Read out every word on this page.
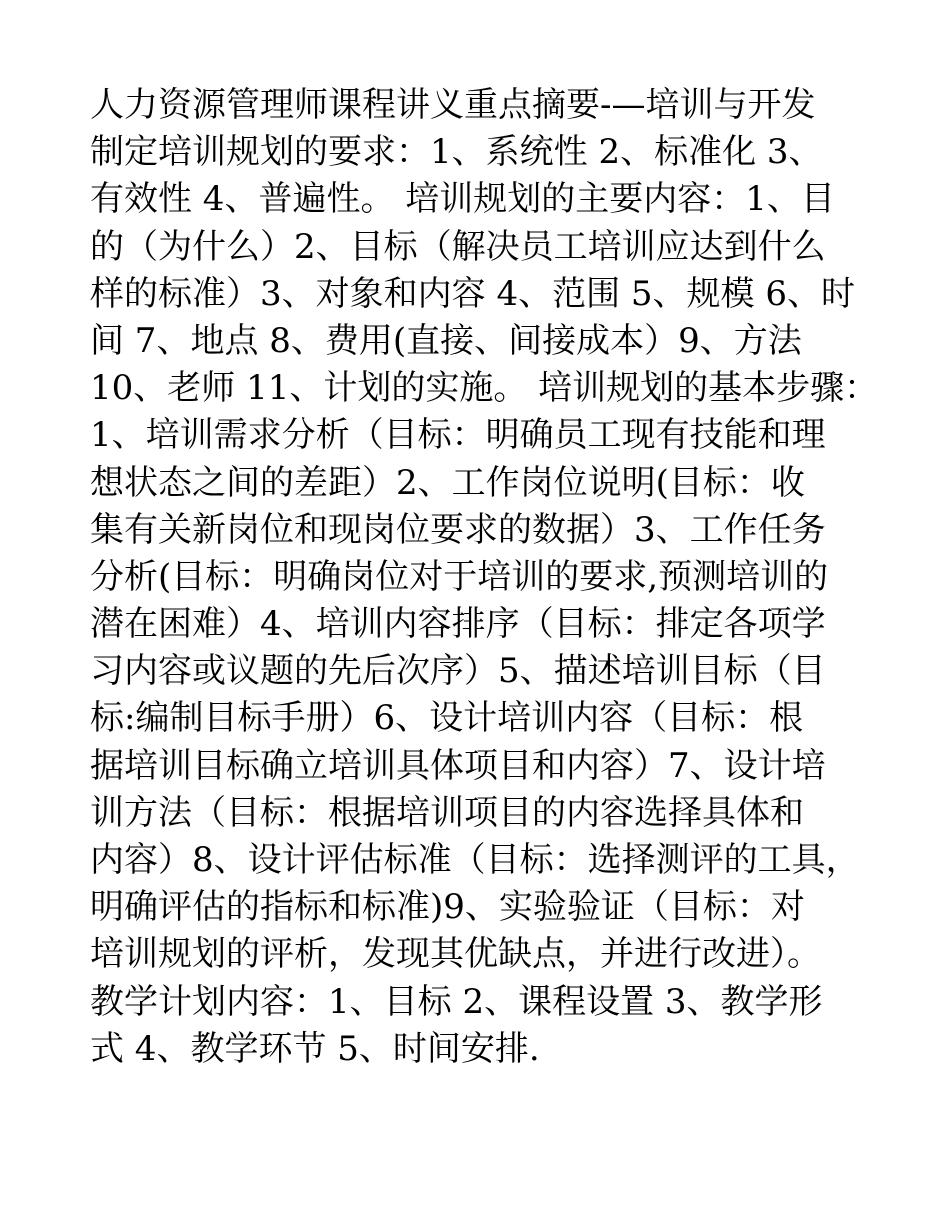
人力资源管理师课程讲义重点摘要-—培训与开发
制定培训规划的要求：1、系统性 2、标准化 3、
有效性 4、普遍性。 培训规划的主要内容：1、目
的（为什么）2、目标（解决员工培训应达到什么
样的标准）3、对象和内容 4、范围 5、规模 6、时
间 7、地点 8、费用(直接、间接成本）9、方法
10、老师 11、计划的实施。 培训规划的基本步骤：
1、培训需求分析（目标：明确员工现有技能和理
想状态之间的差距）2、工作岗位说明(目标：收
集有关新岗位和现岗位要求的数据）3、工作任务
分析(目标：明确岗位对于培训的要求,预测培训的
潜在困难）4、培训内容排序（目标：排定各项学
习内容或议题的先后次序）5、描述培训目标（目
标:编制目标手册）6、设计培训内容（目标：根
据培训目标确立培训具体项目和内容）7、设计培
训方法（目标：根据培训项目的内容选择具体和
内容）8、设计评估标准（目标：选择测评的工具，
明确评估的指标和标准)9、实验验证（目标：对
培训规划的评析，发现其优缺点，并进行改进）。
教学计划内容：1、目标 2、课程设置 3、教学形
式 4、教学环节 5、时间安排.
